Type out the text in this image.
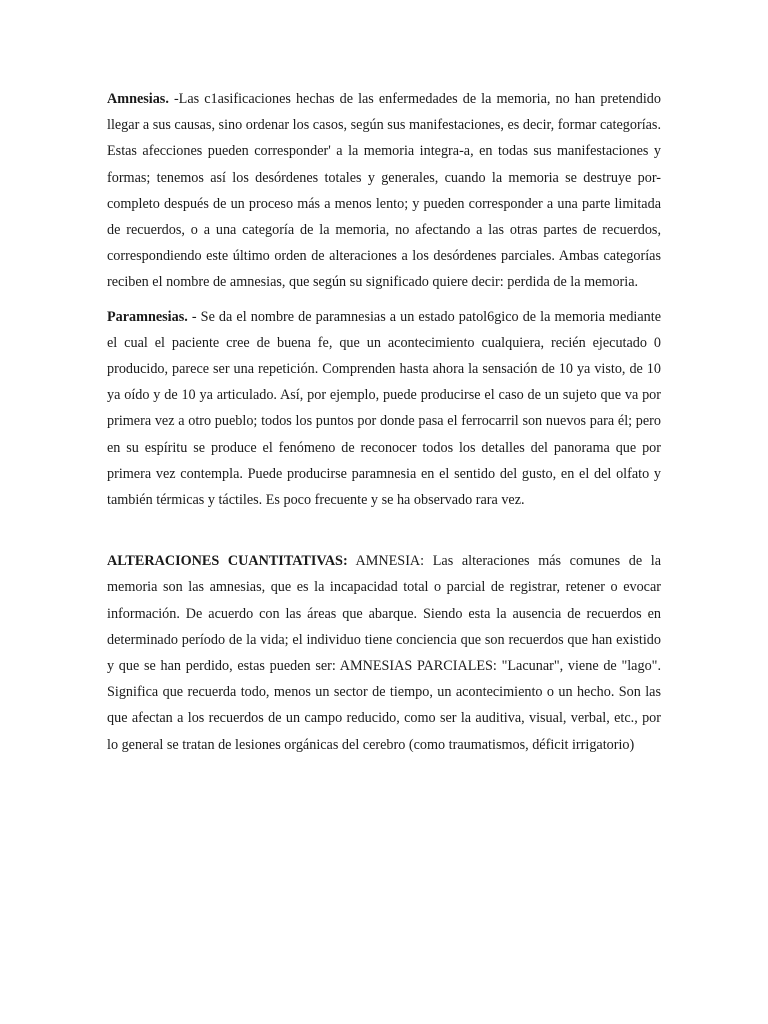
Amnesias. -Las c1asificaciones hechas de las enfermedades de la memoria, no han pretendido llegar a sus causas, sino ordenar los casos, según sus manifestaciones, es decir, formar categorías. Estas afecciones pueden corresponder' a la memoria integra-a, en todas sus manifestaciones y formas; tenemos así los desórdenes totales y generales, cuando la memoria se destruye por- completo después de un proceso más a menos lento; y pueden corresponder a una parte limitada de recuerdos, o a una categoría de la memoria, no afectando a las otras partes de recuerdos, correspondiendo este último orden de alteraciones a los desórdenes parciales. Ambas categorías reciben el nombre de amnesias, que según su significado quiere decir: perdida de la memoria.

Paramnesias. - Se da el nombre de paramnesias a un estado patol6gico de la memoria mediante el cual el paciente cree de buena fe, que un acontecimiento cualquiera, recién ejecutado 0 producido, parece ser una repetición. Comprenden hasta ahora la sensación de 10 ya visto, de 10 ya oído y de 10 ya articulado. Así, por ejemplo, puede producirse el caso de un sujeto que va por primera vez a otro pueblo; todos los puntos por donde pasa el ferrocarril son nuevos para él; pero en su espíritu se produce el fenómeno de reconocer todos los detalles del panorama que por primera vez contempla. Puede producirse paramnesia en el sentido del gusto, en el del olfato y también térmicas y táctiles. Es poco frecuente y se ha observado rara vez.

ALTERACIONES CUANTITATIVAS: AMNESIA: Las alteraciones más comunes de la memoria son las amnesias, que es la incapacidad total o parcial de registrar, retener o evocar información. De acuerdo con las áreas que abarque. Siendo esta la ausencia de recuerdos en determinado período de la vida; el individuo tiene conciencia que son recuerdos que han existido y que se han perdido, estas pueden ser: AMNESIAS PARCIALES: "Lacunar", viene de "lago". Significa que recuerda todo, menos un sector de tiempo, un acontecimiento o un hecho. Son las que afectan a los recuerdos de un campo reducido, como ser la auditiva, visual, verbal, etc., por lo general se tratan de lesiones orgánicas del cerebro (como traumatismos, déficit irrigatorio)
